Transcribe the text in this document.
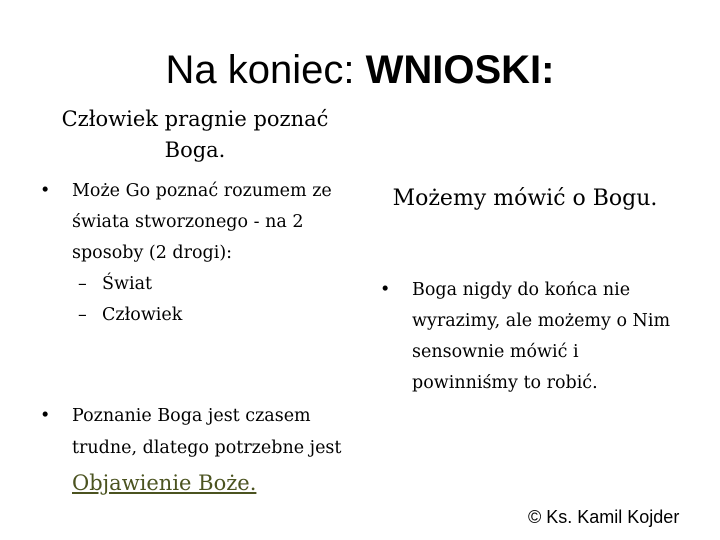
Na koniec: WNIOSKI:
Człowiek pragnie poznać Boga.
• Może Go poznać rozumem ze świata stworzonego - na 2 sposoby (2 drogi):
– Świat
– Człowiek
• Poznanie Boga jest czasem trudne, dlatego potrzebne jest
Objawienie Boże.
Możemy mówić o Bogu.
• Boga nigdy do końca nie wyrazimy, ale możemy o Nim sensownie mówić i powinniśmy to robić.
© Ks. Kamil Kojder
